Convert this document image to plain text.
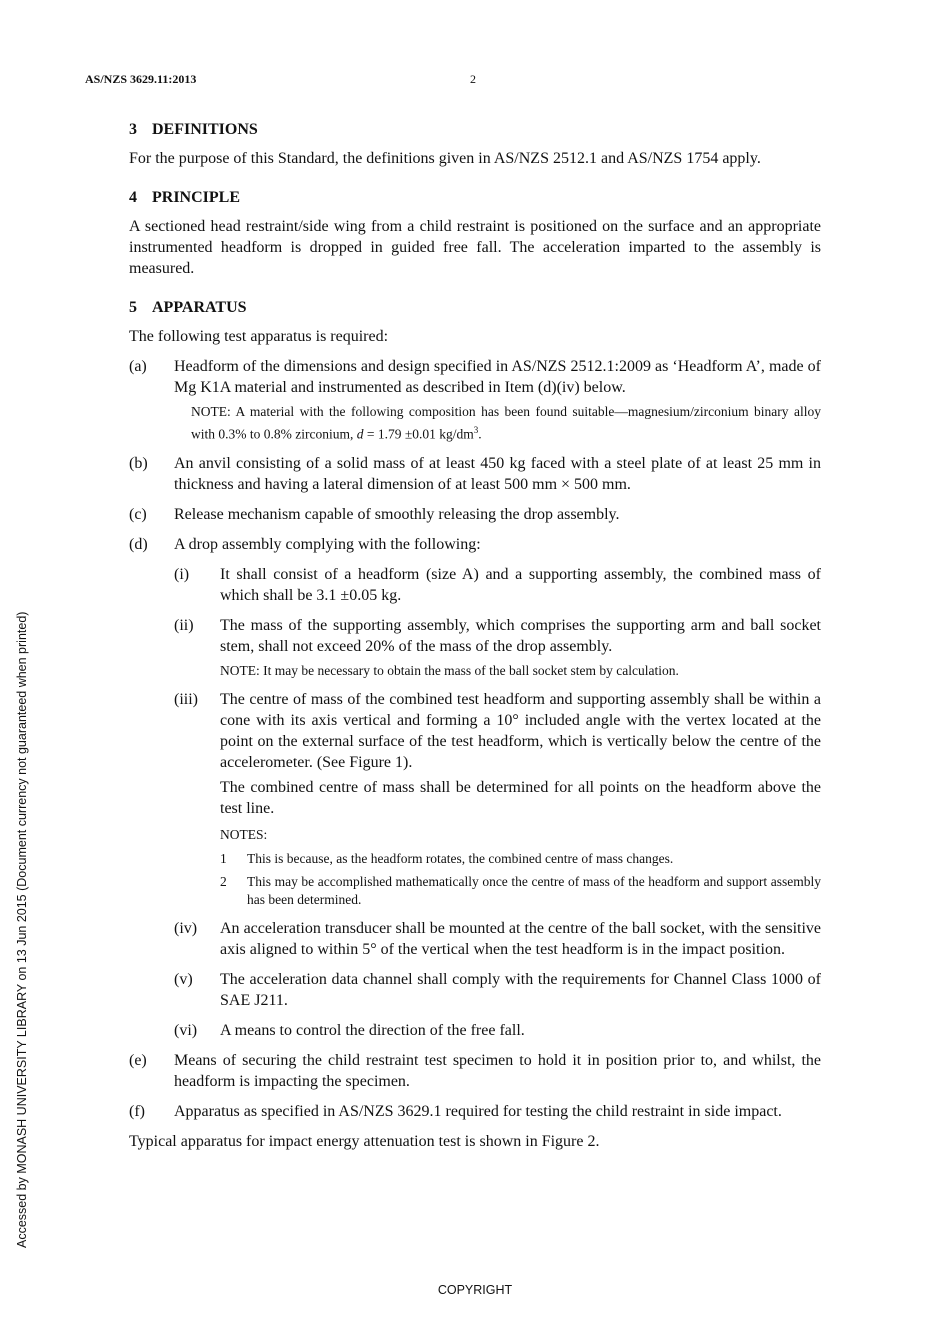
AS/NZS 3629.11:2013	2
Accessed by MONASH UNIVERSITY LIBRARY on 13 Jun 2015 (Document currency not guaranteed when printed)
3 DEFINITIONS

For the purpose of this Standard, the definitions given in AS/NZS 2512.1 and AS/NZS 1754 apply.

4 PRINCIPLE

A sectioned head restraint/side wing from a child restraint is positioned on the surface and an appropriate instrumented headform is dropped in guided free fall. The acceleration imparted to the assembly is measured.

5 APPARATUS

The following test apparatus is required:

(a)	Headform of the dimensions and design specified in AS/NZS 2512.1:2009 as ‘Headform A’, made of Mg K1A material and instrumented as described in Item (d)(iv) below.
NOTE: A material with the following composition has been found suitable—magnesium/zirconium binary alloy with 0.3% to 0.8% zirconium, d = 1.79 ±0.01 $kg/dm^3$.
(b)	An anvil consisting of a solid mass of at least 450 kg faced with a steel plate of at least 25 mm in thickness and having a lateral dimension of at least 500 mm × 500 mm.
(c)	Release mechanism capable of smoothly releasing the drop assembly.
(d)	A drop assembly complying with the following:
(i)	It shall consist of a headform (size A) and a supporting assembly, the combined mass of which shall be 3.1 ±0.05 kg.
(ii)	The mass of the supporting assembly, which comprises the supporting arm and ball socket stem, shall not exceed 20% of the mass of the drop assembly.
NOTE: It may be necessary to obtain the mass of the ball socket stem by calculation.
(iii)	The centre of mass of the combined test headform and supporting assembly shall be within a cone with its axis vertical and forming a 10° included angle with the vertex located at the point on the external surface of the test headform, which is vertically below the centre of the accelerometer. (See Figure 1).
The combined centre of mass shall be determined for all points on the headform above the test line.
NOTES:
1	This is because, as the headform rotates, the combined centre of mass changes.
2	This may be accomplished mathematically once the centre of mass of the headform and support assembly has been determined.
(iv)	An acceleration transducer shall be mounted at the centre of the ball socket, with the sensitive axis aligned to within 5° of the vertical when the test headform is in the impact position.
(v)	The acceleration data channel shall comply with the requirements for Channel Class 1000 of SAE J211.
(vi)	A means to control the direction of the free fall.
(e)	Means of securing the child restraint test specimen to hold it in position prior to, and whilst, the headform is impacting the specimen.
(f)	Apparatus as specified in AS/NZS 3629.1 required for testing the child restraint in side impact.

Typical apparatus for impact energy attenuation test is shown in Figure 2.

COPYRIGHT
